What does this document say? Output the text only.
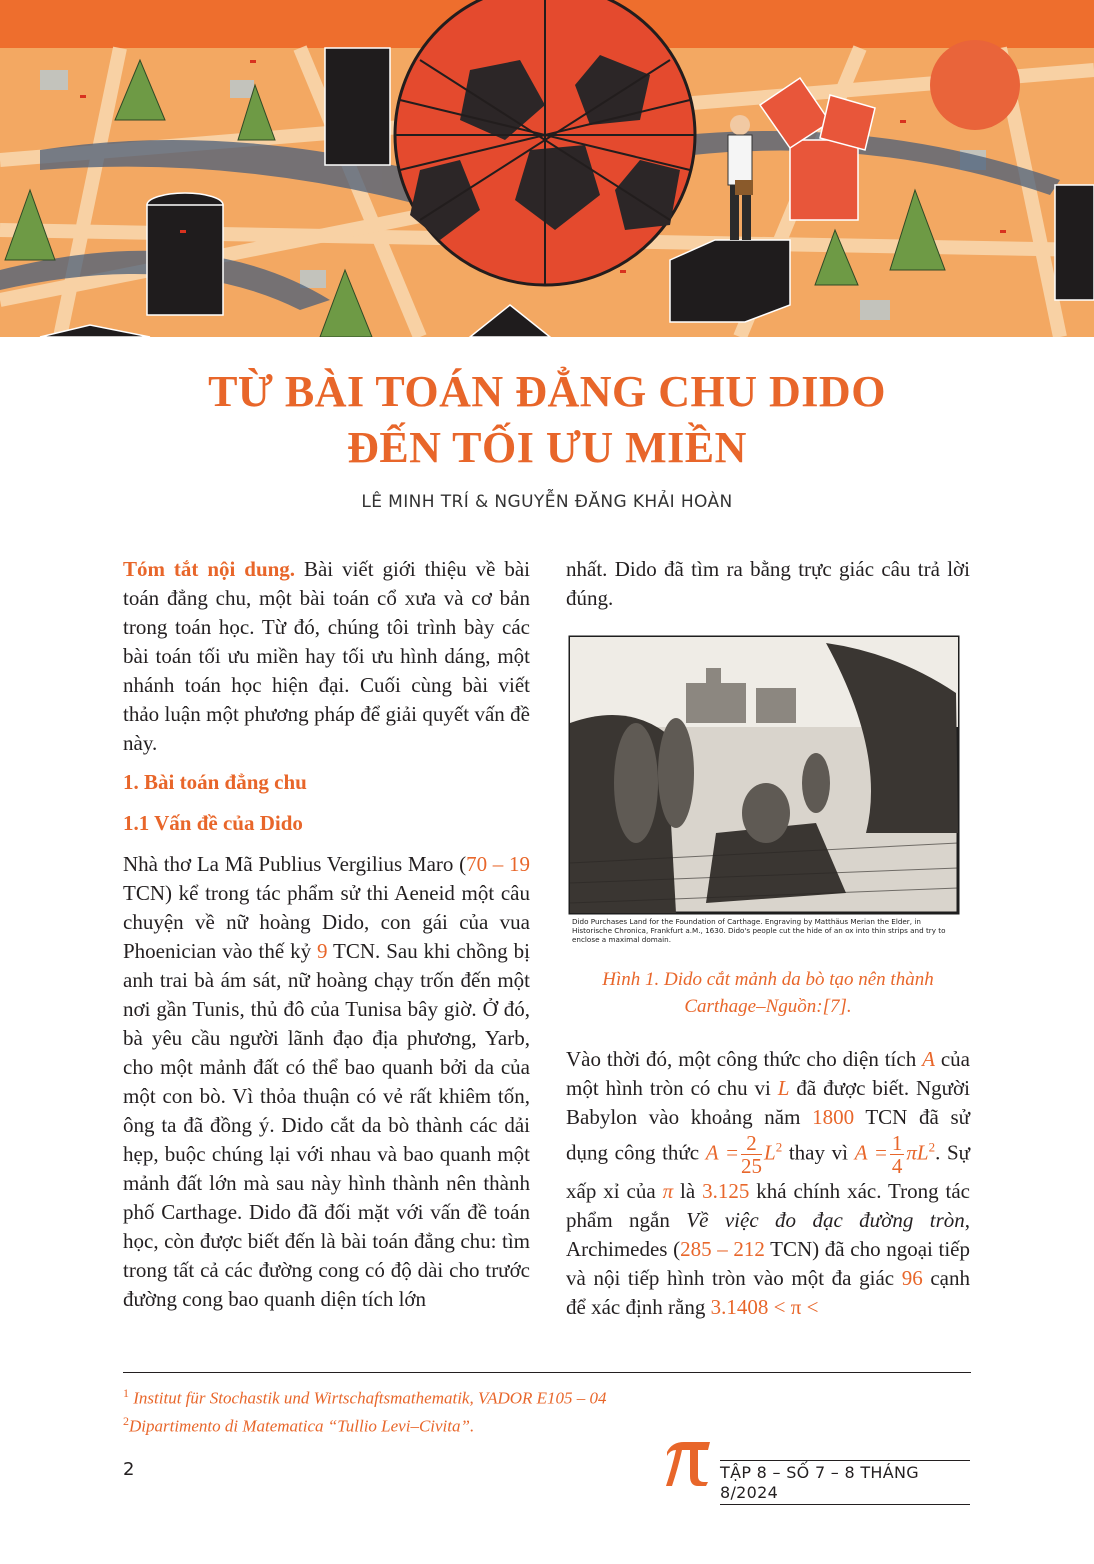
TỪ BÀI TOÁN ĐẲNG CHU DIDO
ĐẾN TỐI ƯU MIỀN
LÊ MINH TRÍ & NGUYỄN ĐĂNG KHẢI HOÀN

Tóm tắt nội dung. Bài viết giới thiệu về bài toán đẳng chu, một bài toán cổ xưa và cơ bản trong toán học. Từ đó, chúng tôi trình bày các bài toán tối ưu miền hay tối ưu hình dáng, một nhánh toán học hiện đại. Cuối cùng bài viết thảo luận một phương pháp để giải quyết vấn đề này.

1. Bài toán đẳng chu

1.1 Vấn đề của Dido

Nhà thơ La Mã Publius Vergilius Maro (70 – 19 TCN) kể trong tác phẩm sử thi Aeneid một câu chuyện về nữ hoàng Dido, con gái của vua Phoenician vào thế kỷ 9 TCN. Sau khi chồng bị anh trai bà ám sát, nữ hoàng chạy trốn đến một nơi gần Tunis, thủ đô của Tunisa bây giờ. Ở đó, bà yêu cầu người lãnh đạo địa phương, Yarb, cho một mảnh đất có thể bao quanh bởi da của một con bò. Vì thỏa thuận có vẻ rất khiêm tốn, ông ta đã đồng ý. Dido cắt da bò thành các dải hẹp, buộc chúng lại với nhau và bao quanh một mảnh đất lớn mà sau này hình thành nên thành phố Carthage. Dido đã đối mặt với vấn đề toán học, còn được biết đến là bài toán đẳng chu: tìm trong tất cả các đường cong có độ dài cho trước đường cong bao quanh diện tích lớn

nhất. Dido đã tìm ra bằng trực giác câu trả lời đúng.

Dido Purchases Land for the Foundation of Carthage. Engraving by Matthäus Merian the Elder, in Historische Chronica, Frankfurt a.M., 1630. Dido's people cut the hide of an ox into thin strips and try to enclose a maximal domain.
Hình 1. Dido cắt mảnh da bò tạo nên thành Carthage–Nguồn:[7].

Vào thời đó, một công thức cho diện tích A của một hình tròn có chu vi L đã được biết. Người Babylon vào khoảng năm 1800 TCN đã sử dụng công thức $A = \frac{2}{25} L^2$ thay vì $A = \frac{1}{4} \pi L^2$. Sự xấp xỉ của π là 3.125 khá chính xác. Trong tác phẩm ngắn Về việc đo đạc đường tròn, Archimedes (285 – 212 TCN) đã cho ngoại tiếp và nội tiếp hình tròn vào một đa giác 96 cạnh để xác định rằng 3.1408 < π <

$^1$ Institut für Stochastik und Wirtschaftsmathematik, VADOR E105 – 04
$^2$Dipartimento di Matematica “Tullio Levi–Civita”.
2	TẬP 8 – SỐ 7 – 8 THÁNG 8/2024
